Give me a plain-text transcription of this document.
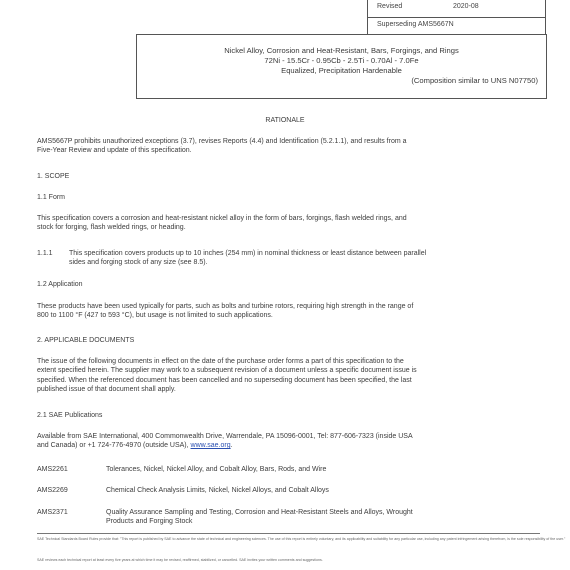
Revised	2020-08
Superseding AMS5667N
Nickel Alloy, Corrosion and Heat-Resistant, Bars, Forgings, and Rings
72Ni - 15.5Cr - 0.95Cb - 2.5Ti - 0.70Al - 7.0Fe
Equalized, Precipitation Hardenable
(Composition similar to UNS N07750)
RATIONALE
AMS5667P prohibits unauthorized exceptions (3.7), revises Reports (4.4) and Identification (5.2.1.1), and results from a
Five-Year Review and update of this specification.
1. SCOPE
1.1 Form
This specification covers a corrosion and heat-resistant nickel alloy in the form of bars, forgings, flash welded rings, and
stock for forging, flash welded rings, or heading.
1.1.1 This specification covers products up to 10 inches (254 mm) in nominal thickness or least distance between parallel
sides and forging stock of any size (see 8.5).
1.2 Application
These products have been used typically for parts, such as bolts and turbine rotors, requiring high strength in the range of
800 to 1100 °F (427 to 593 °C), but usage is not limited to such applications.
2. APPLICABLE DOCUMENTS
The issue of the following documents in effect on the date of the purchase order forms a part of this specification to the
extent specified herein. The supplier may work to a subsequent revision of a document unless a specific document issue is
specified. When the referenced document has been cancelled and no superseding document has been specified, the last
published issue of that document shall apply.
2.1 SAE Publications
Available from SAE International, 400 Commonwealth Drive, Warrendale, PA 15096-0001, Tel: 877-606-7323 (inside USA
and Canada) or +1 724-776-4970 (outside USA), www.sae.org.
AMS2261	Tolerances, Nickel, Nickel Alloy, and Cobalt Alloy, Bars, Rods, and Wire
AMS2269	Chemical Check Analysis Limits, Nickel, Nickel Alloys, and Cobalt Alloys
AMS2371	Quality Assurance Sampling and Testing, Corrosion and Heat-Resistant Steels and Alloys, Wrought
Products and Forging Stock
SAE Technical Standards Board Rules provide that: "This report is published by SAE to advance the state of technical and engineering sciences. The use of this report is entirely voluntary, and its applicability and suitability for any particular use, including any patent infringement arising therefrom, is the sole responsibility of the user."
SAE reviews each technical report at least every five years at which time it may be revised, reaffirmed, stabilized, or cancelled. SAE invites your written comments and suggestions.
